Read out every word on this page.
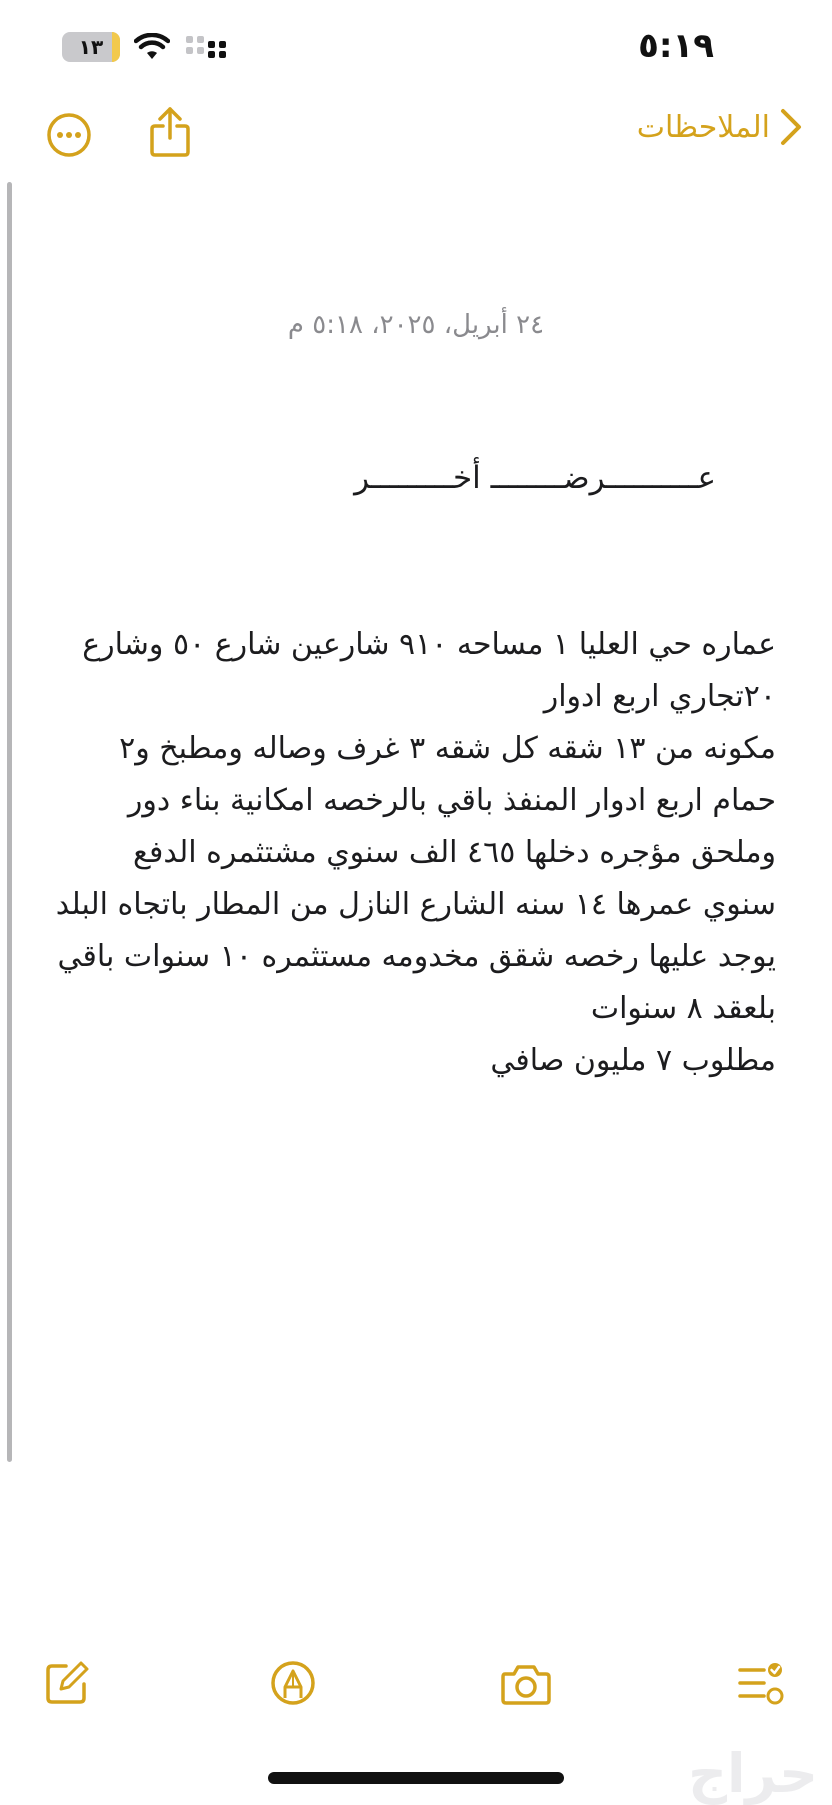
٥:١٩
١٣
الملاحظات
٢٤ أبريل، ٢٠٢٥، ٥:١٨ م
عــــــــــرضــــــــ أخـــــــــر
عماره حي العليا ١ مساحه ٩١٠ شارعين شارع ٥٠ وشارع
٢٠تجاري اربع ادوار
مكونه من ١٣ شقه كل شقه ٣ غرف وصاله ومطبخ و٢
حمام اربع ادوار المنفذ باقي بالرخصه امكانية بناء دور
وملحق مؤجره دخلها ٤٦٥ الف سنوي مشتثمره الدفع
سنوي عمرها ١٤ سنه الشارع النازل من المطار باتجاه البلد
يوجد عليها رخصه شقق مخدومه مستثمره ١٠ سنوات باقي
بلعقد ٨ سنوات
مطلوب ٧ مليون صافي
حراج
